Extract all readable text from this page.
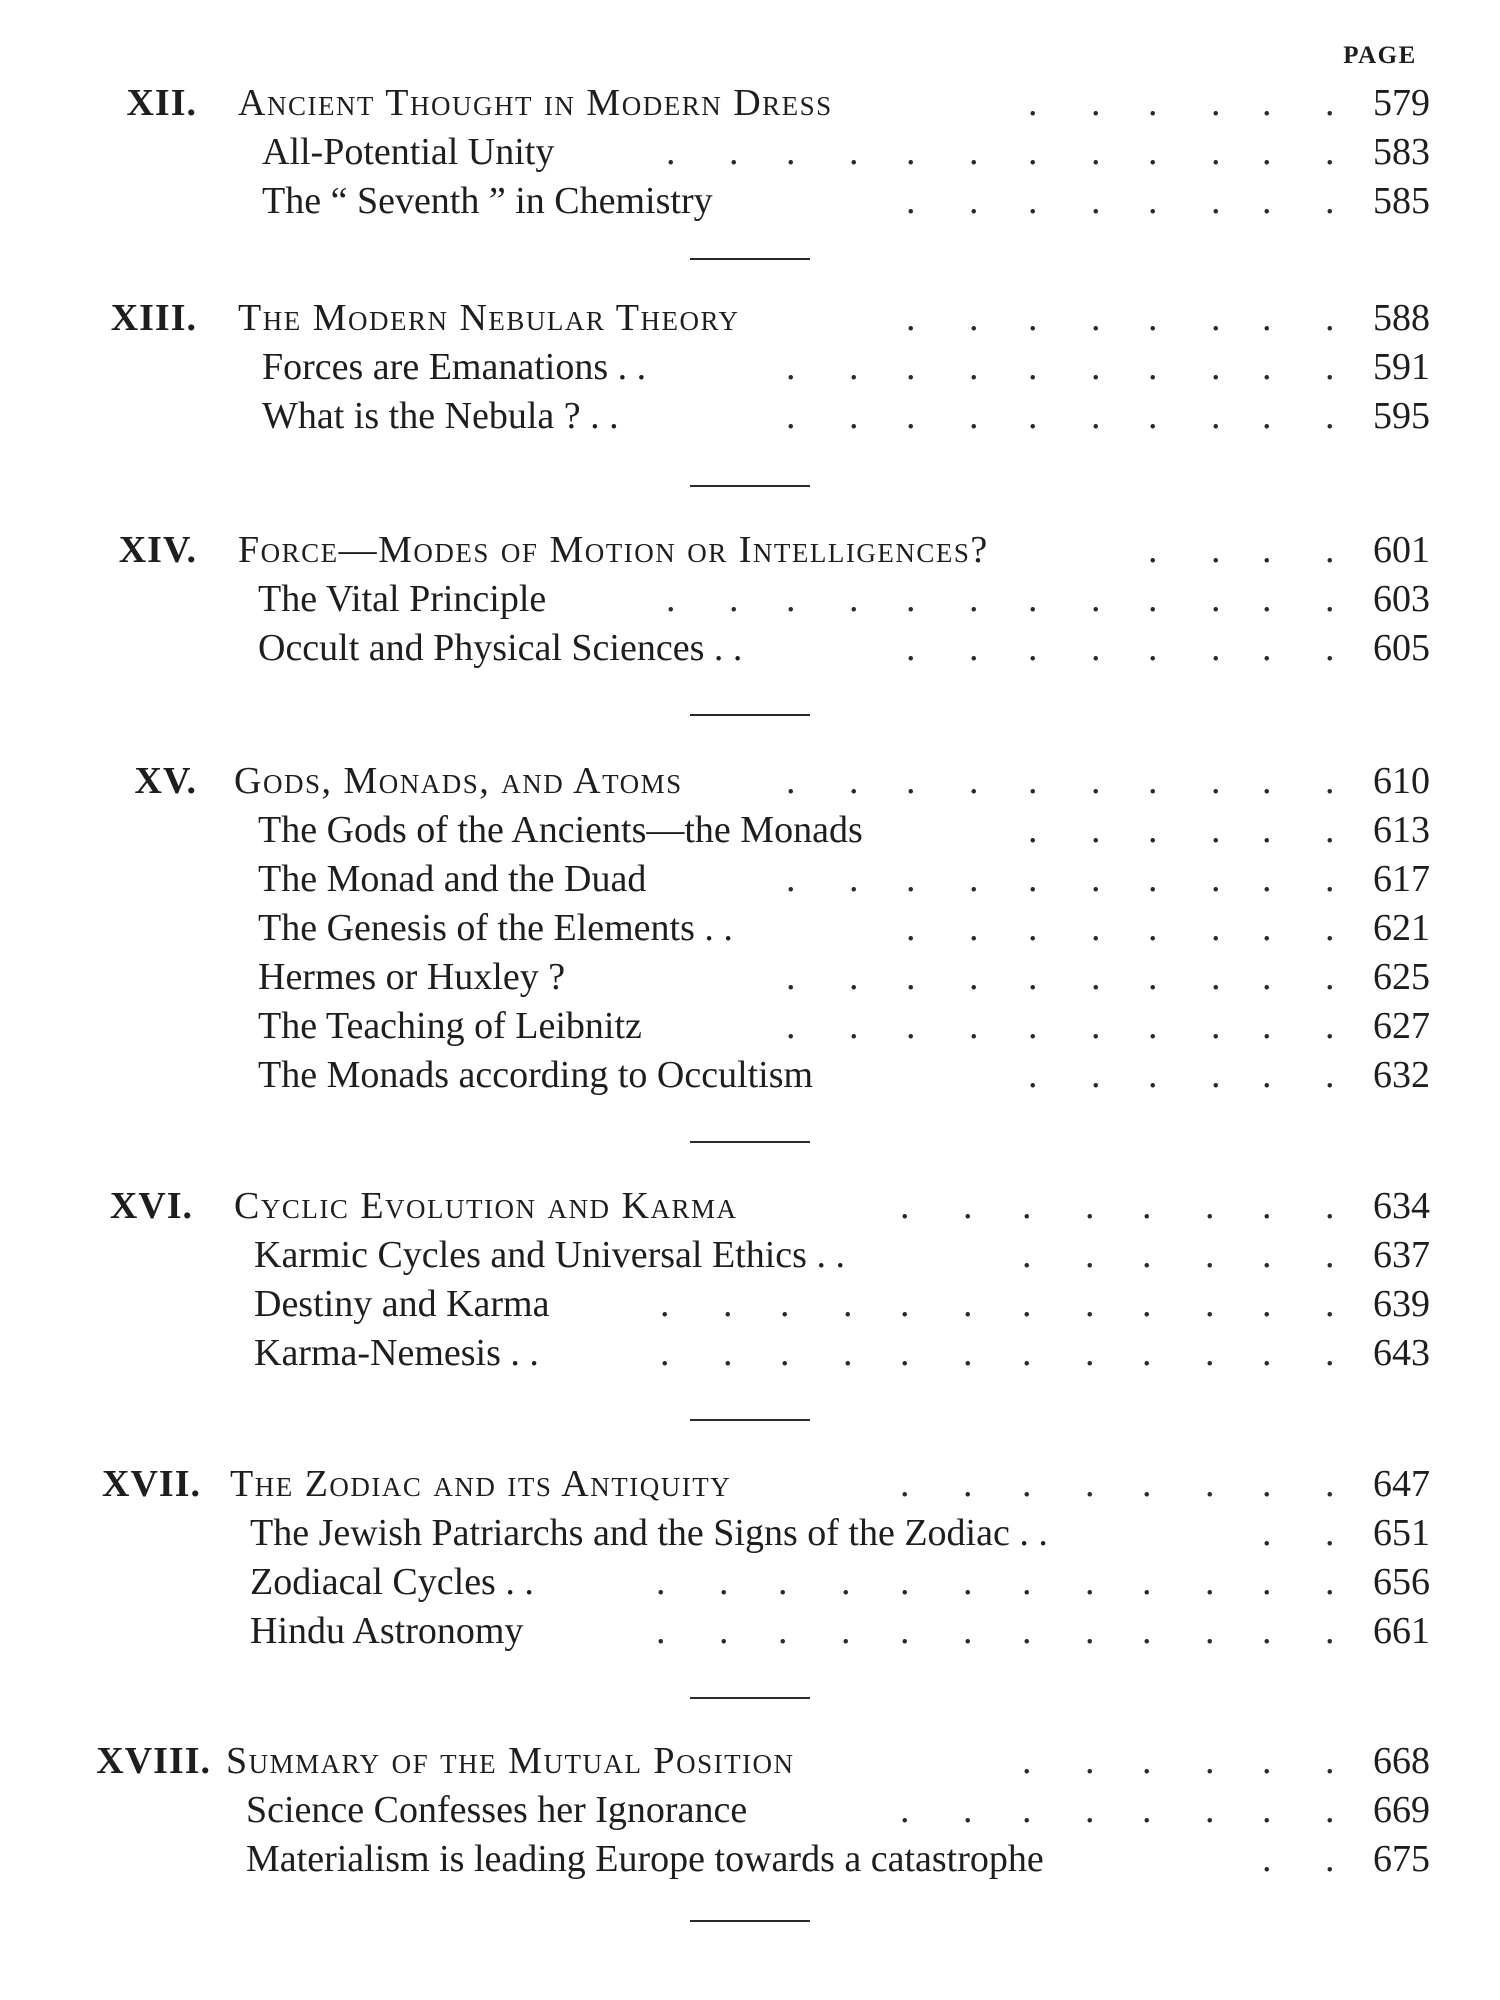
PAGE
XII. Ancient Thought in Modern Dress	. . . . . . 579
All-Potential Unity	. . . . . . . . . . . . 583
The “ Seventh ” in Chemistry	. . . . . . . . 585
XIII. The Modern Nebular Theory	. . . . . . . . 588
Forces are Emanations . .	. . . . . . . . . . 591
What is the Nebula ? . .	. . . . . . . . . . 595
XIV. Force—Modes of Motion or Intelligences?	. . . . 601
The Vital Principle	. . . . . . . . . . . . 603
Occult and Physical Sciences . .	. . . . . . . . 605
XV. Gods, Monads, and Atoms	. . . . . . . . . . 610
The Gods of the Ancients—the Monads	. . . . . . 613
The Monad and the Duad	. . . . . . . . . . 617
The Genesis of the Elements . .	. . . . . . . . 621
Hermes or Huxley ?	. . . . . . . . . . 625
The Teaching of Leibnitz	. . . . . . . . . . 627
The Monads according to Occultism	. . . . . . 632
XVI. Cyclic Evolution and Karma	. . . . . . . . 634
Karmic Cycles and Universal Ethics . .	. . . . . . 637
Destiny and Karma	. . . . . . . . . . . . 639
Karma-Nemesis . .	. . . . . . . . . . . . 643
XVII. The Zodiac and its Antiquity	. . . . . . . . 647
The Jewish Patriarchs and the Signs of the Zodiac . .	. . 651
Zodiacal Cycles . .	. . . . . . . . . . . . 656
Hindu Astronomy	. . . . . . . . . . . . 661
XVIII. Summary of the Mutual Position	. . . . . . 668
Science Confesses her Ignorance	. . . . . . . . 669
Materialism is leading Europe towards a catastrophe	. . 675
